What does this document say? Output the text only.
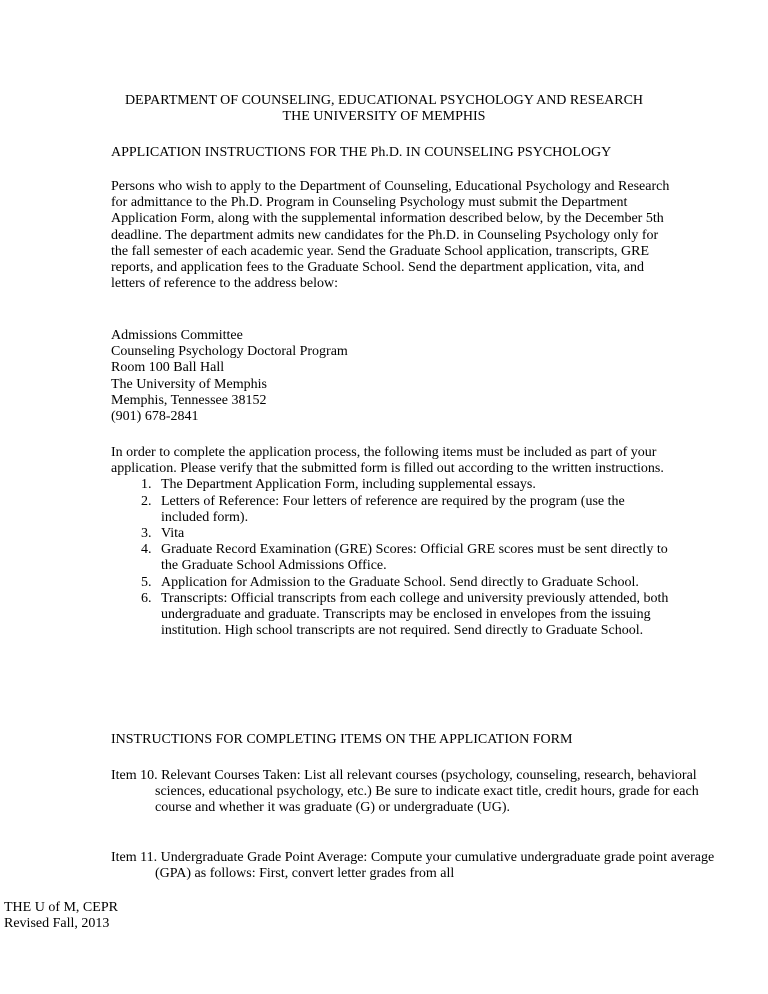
DEPARTMENT OF COUNSELING, EDUCATIONAL PSYCHOLOGY AND RESEARCH
THE UNIVERSITY OF MEMPHIS
APPLICATION INSTRUCTIONS FOR THE Ph.D. IN COUNSELING PSYCHOLOGY

Persons who wish to apply to the Department of Counseling, Educational Psychology and Research for admittance to the Ph.D. Program in Counseling Psychology must submit the Department Application Form, along with the supplemental information described below, by the December 5th deadline. The department admits new candidates for the Ph.D. in Counseling Psychology only for the fall semester of each academic year. Send the Graduate School application, transcripts, GRE reports, and application fees to the Graduate School. Send the department application, vita, and letters of reference to the address below:

Admissions Committee
Counseling Psychology Doctoral Program
Room 100 Ball Hall
The University of Memphis
Memphis, Tennessee 38152
(901) 678-2841

In order to complete the application process, the following items must be included as part of your application. Please verify that the submitted form is filled out according to the written instructions.

1. The Department Application Form, including supplemental essays.
2. Letters of Reference: Four letters of reference are required by the program (use the included form).
3. Vita
4. Graduate Record Examination (GRE) Scores: Official GRE scores must be sent directly to the Graduate School Admissions Office.
5. Application for Admission to the Graduate School. Send directly to Graduate School.
6. Transcripts: Official transcripts from each college and university previously attended, both undergraduate and graduate. Transcripts may be enclosed in envelopes from the issuing institution. High school transcripts are not required. Send directly to Graduate School.
INSTRUCTIONS FOR COMPLETING ITEMS ON THE APPLICATION FORM

Item 10. Relevant Courses Taken: List all relevant courses (psychology, counseling, research, behavioral sciences, educational psychology, etc.) Be sure to indicate exact title, credit hours, grade for each course and whether it was graduate (G) or undergraduate (UG).

Item 11. Undergraduate Grade Point Average: Compute your cumulative undergraduate grade point average (GPA) as follows: First, convert letter grades from all

THE U of M, CEPR
Revised Fall, 2013
